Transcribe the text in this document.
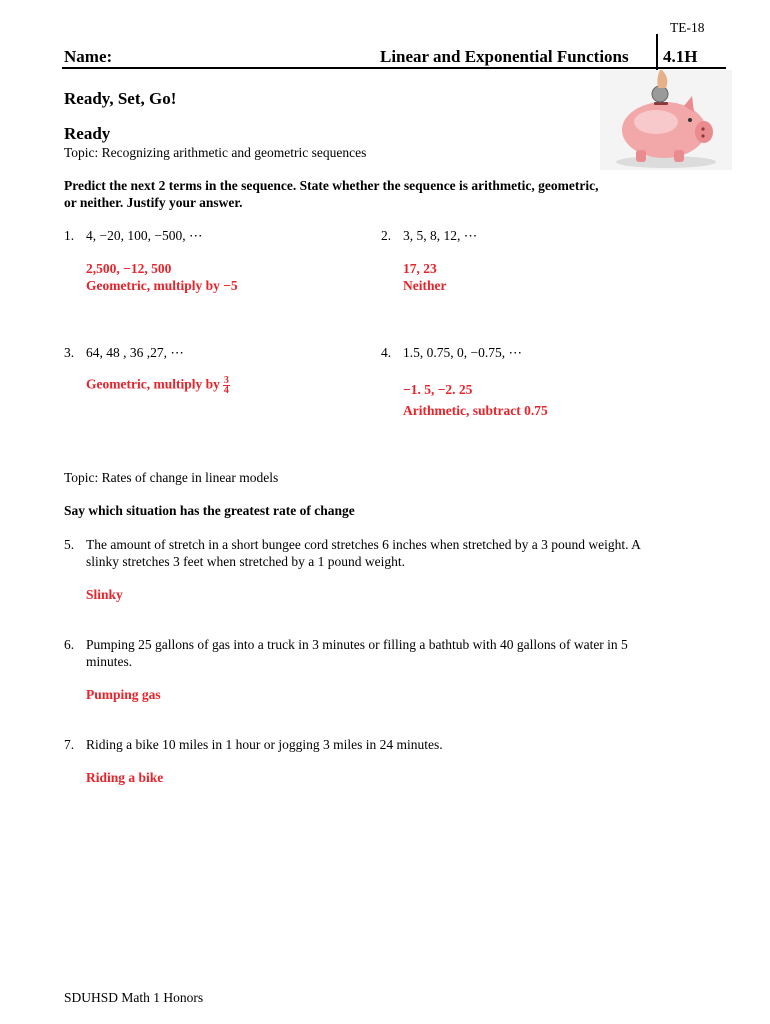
TE-18
Name:	Linear and Exponential Functions 4.1H
Ready, Set, Go!
Ready
Topic: Recognizing arithmetic and geometric sequences
Predict the next 2 terms in the sequence. State whether the sequence is arithmetic, geometric,
or neither. Justify your answer.
1. 4, −20, 100, −500, ⋯
2,500, −12, 500
Geometric, multiply by −5
2. 3, 5, 8, 12, ⋯
17, 23
Neither
3. 64, 48 , 36 ,27, ⋯
Geometric, multiply by $\frac{3}{4}$
4. 1.5, 0.75, 0, −0.75, ⋯
−1. 5, −2. 25
Arithmetic, subtract 0.75
Topic: Rates of change in linear models
Say which situation has the greatest rate of change
5. The amount of stretch in a short bungee cord stretches 6 inches when stretched by a 3 pound weight. A
slinky stretches 3 feet when stretched by a 1 pound weight.
Slinky
6. Pumping 25 gallons of gas into a truck in 3 minutes or filling a bathtub with 40 gallons of water in 5
minutes.
Pumping gas
7. Riding a bike 10 miles in 1 hour or jogging 3 miles in 24 minutes.
Riding a bike
SDUHSD Math 1 Honors
